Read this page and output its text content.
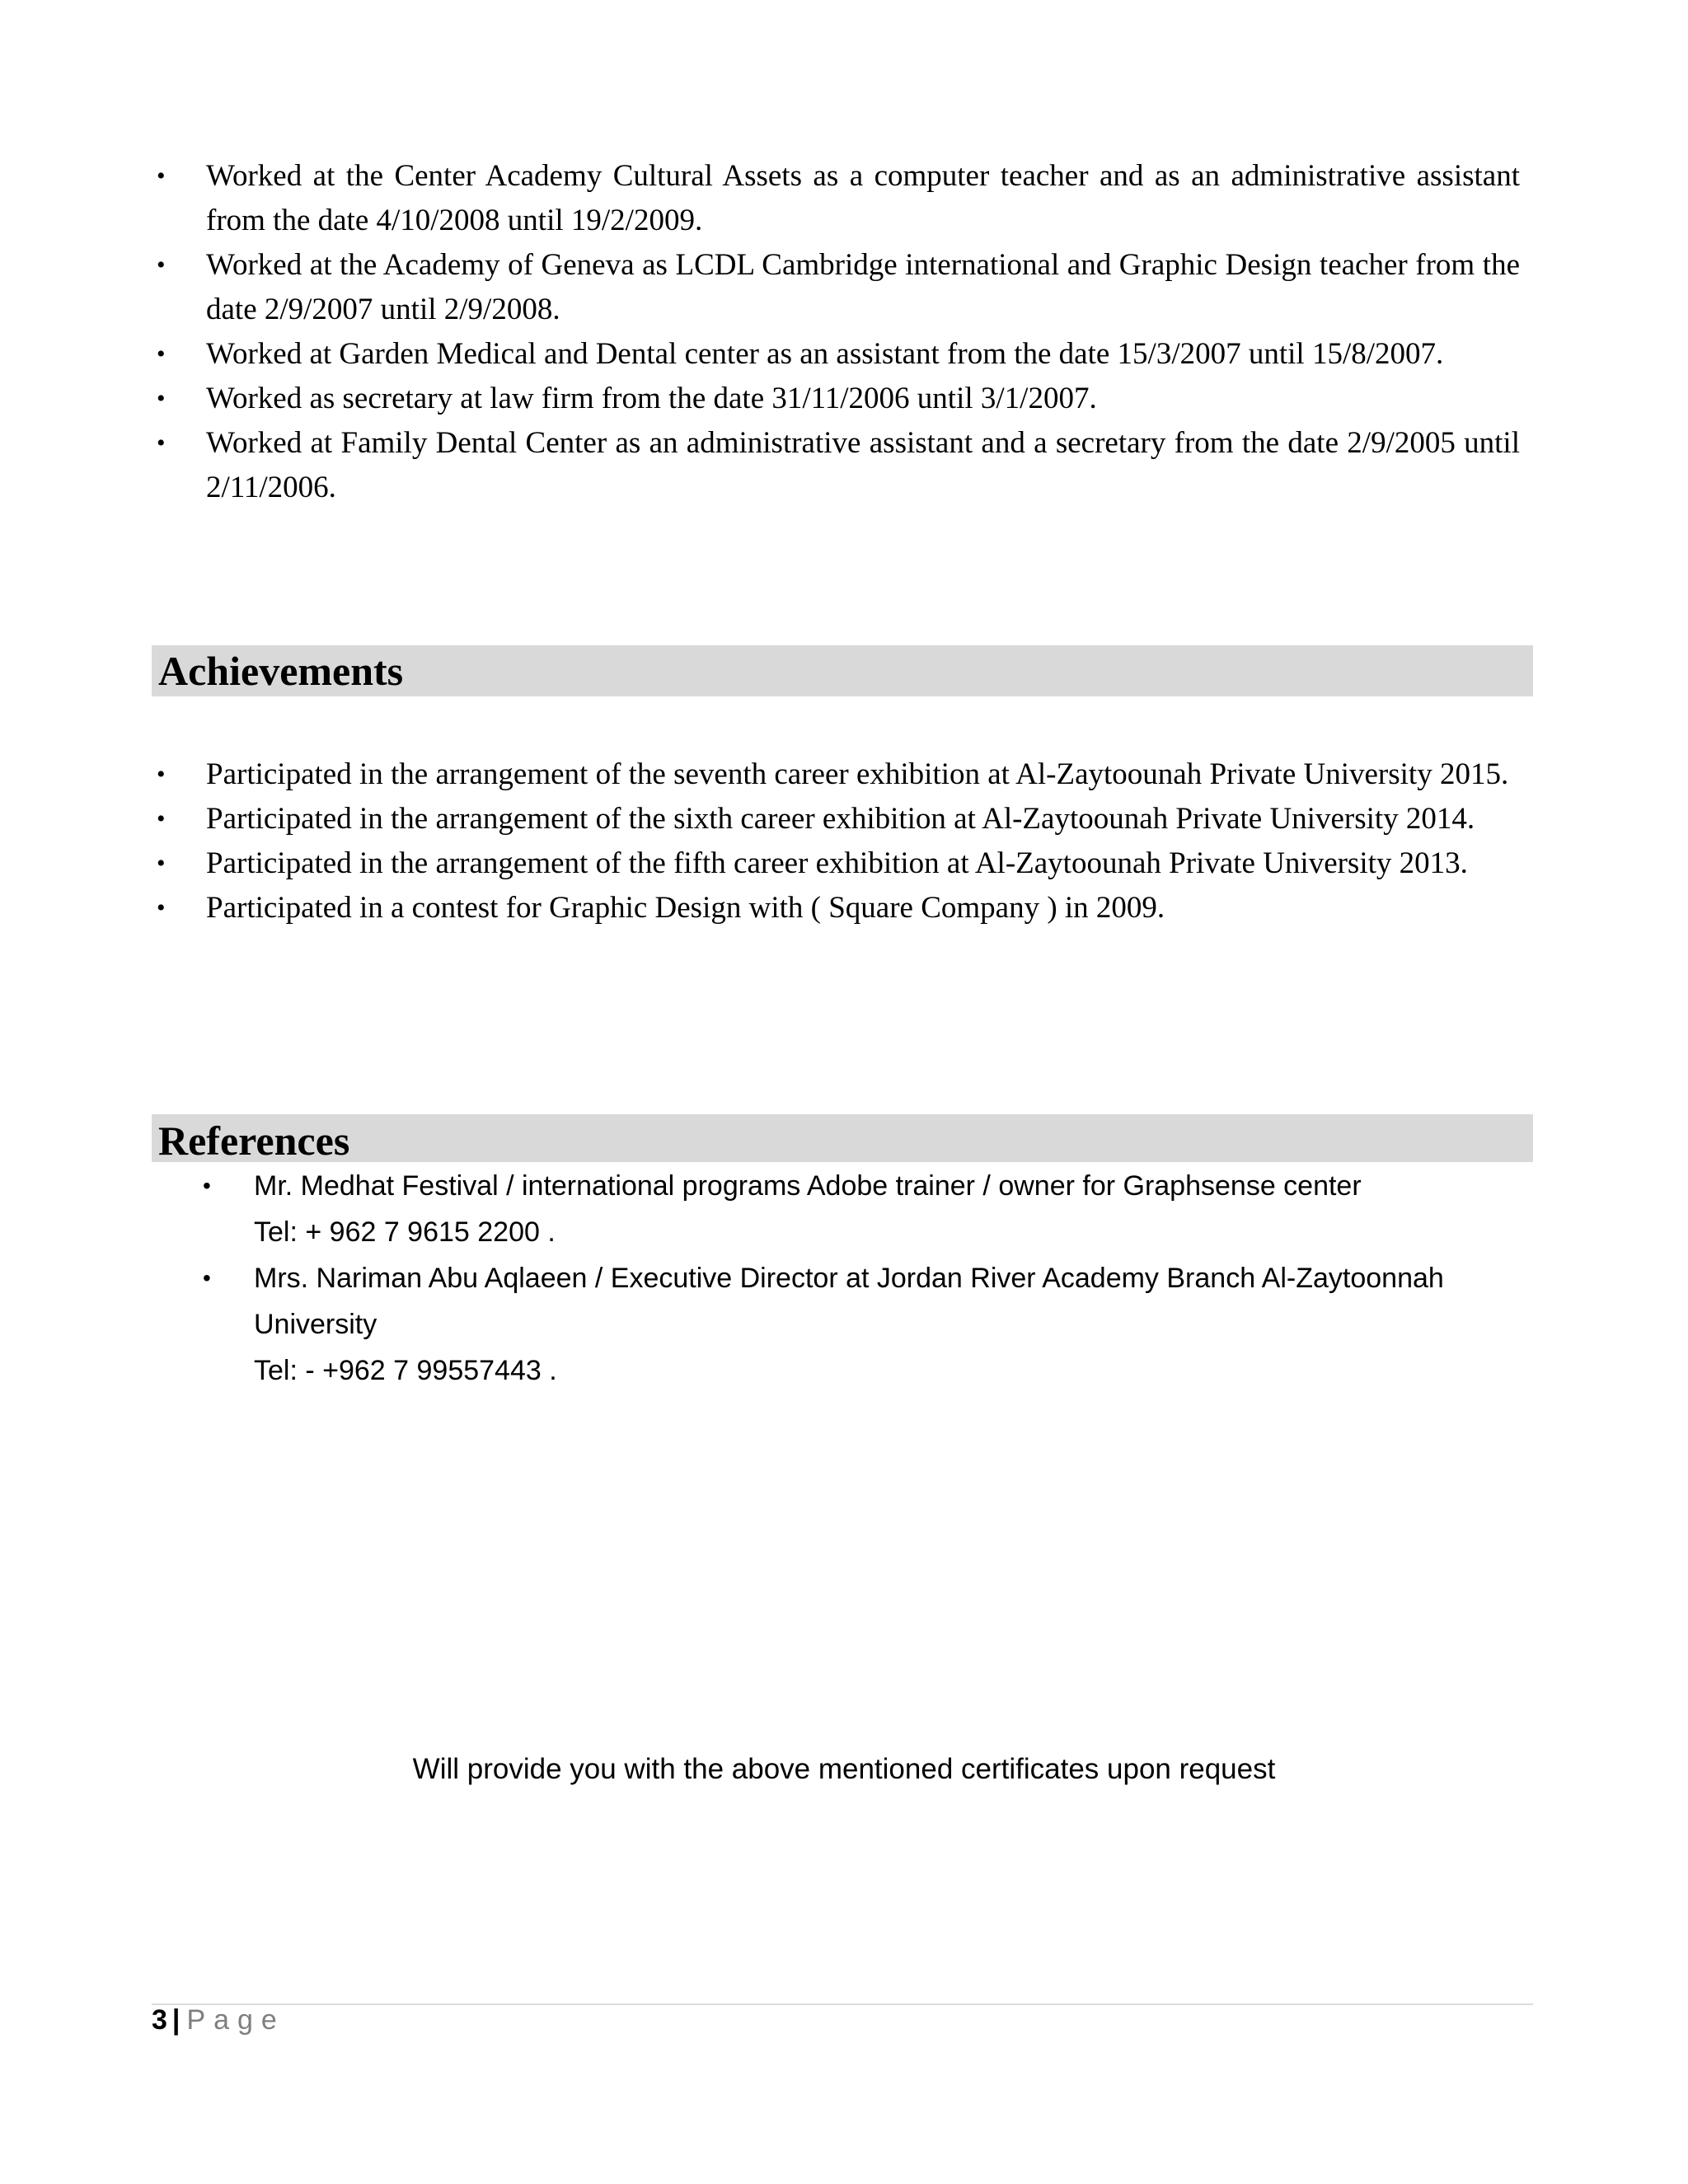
• Worked at the Center Academy Cultural Assets as a computer teacher and as an administrative assistant from the date 4/10/2008 until 19/2/2009.
• Worked at the Academy of Geneva as LCDL Cambridge international and Graphic Design teacher from the date 2/9/2007 until 2/9/2008.
• Worked at Garden Medical and Dental center as an assistant from the date 15/3/2007 until 15/8/2007.
• Worked as secretary at law firm from the date 31/11/2006 until 3/1/2007.
• Worked at Family Dental Center as an administrative assistant and a secretary from the date 2/9/2005 until 2/11/2006.
Achievements
• Participated in the arrangement of the seventh career exhibition at Al-Zaytoounah Private University 2015.
• Participated in the arrangement of the sixth career exhibition at Al-Zaytoounah Private University 2014.
• Participated in the arrangement of the fifth career exhibition at Al-Zaytoounah Private University 2013.
• Participated in a contest for Graphic Design with ( Square Company ) in 2009.
References
• Mr. Medhat Festival / international programs Adobe trainer / owner for Graphsense center
Tel: + 962 7 9615 2200 .
• Mrs. Nariman Abu Aqlaeen / Executive Director at Jordan River Academy Branch Al-Zaytoonnah University
Tel: - +962 7 99557443 .
Will provide you with the above mentioned certificates upon request
3 | Page
